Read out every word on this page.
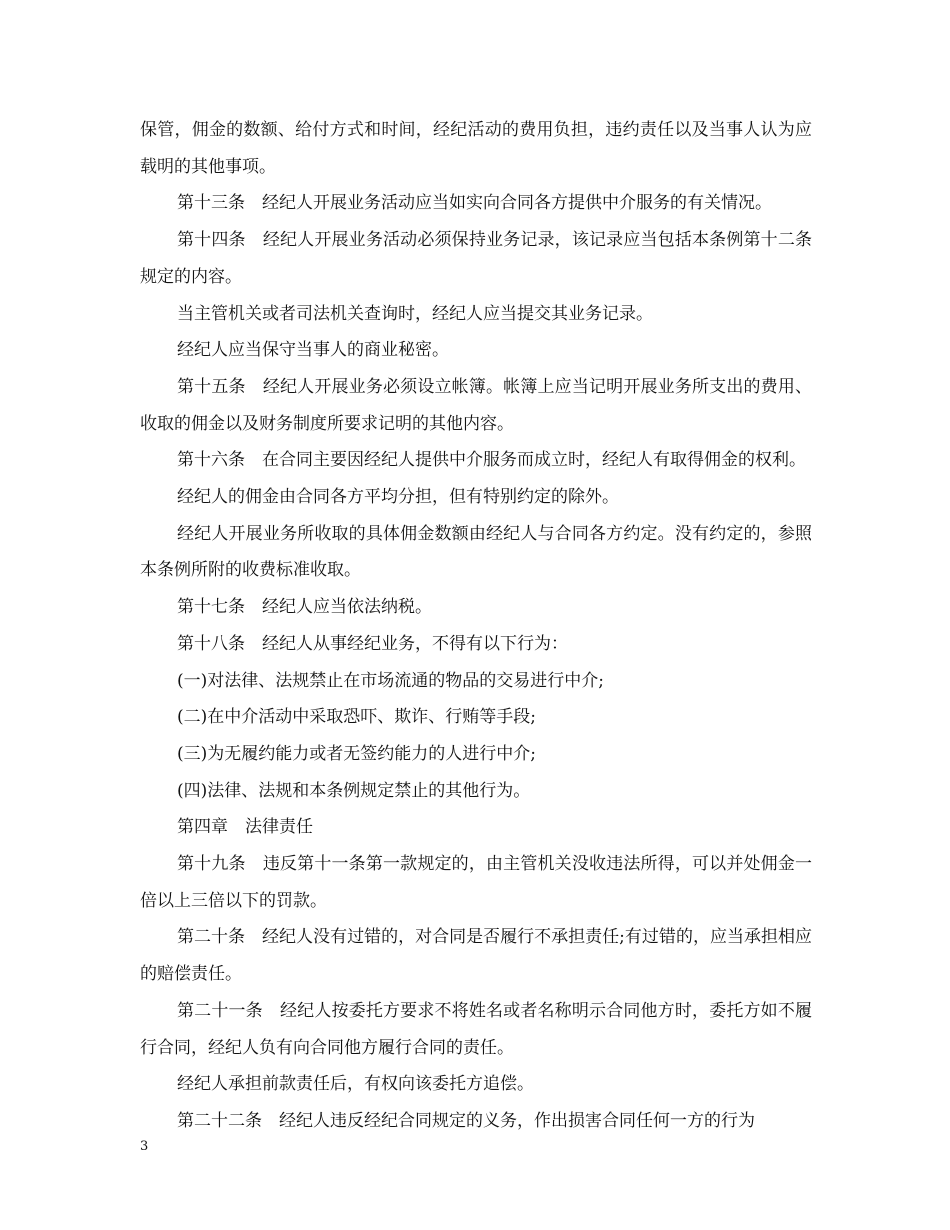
保管，佣金的数额、给付方式和时间，经纪活动的费用负担，违约责任以及当事人认为应载明的其他事项。

第十三条　经纪人开展业务活动应当如实向合同各方提供中介服务的有关情况。

第十四条　经纪人开展业务活动必须保持业务记录，该记录应当包括本条例第十二条规定的内容。

当主管机关或者司法机关查询时，经纪人应当提交其业务记录。

经纪人应当保守当事人的商业秘密。

第十五条　经纪人开展业务必须设立帐簿。帐簿上应当记明开展业务所支出的费用、收取的佣金以及财务制度所要求记明的其他内容。

第十六条　在合同主要因经纪人提供中介服务而成立时，经纪人有取得佣金的权利。

经纪人的佣金由合同各方平均分担，但有特别约定的除外。

经纪人开展业务所收取的具体佣金数额由经纪人与合同各方约定。没有约定的，参照本条例所附的收费标准收取。

第十七条　经纪人应当依法纳税。

第十八条　经纪人从事经纪业务，不得有以下行为：

(一)对法律、法规禁止在市场流通的物品的交易进行中介;

(二)在中介活动中采取恐吓、欺诈、行贿等手段;

(三)为无履约能力或者无签约能力的人进行中介;

(四)法律、法规和本条例规定禁止的其他行为。

第四章　法律责任

第十九条　违反第十一条第一款规定的，由主管机关没收违法所得，可以并处佣金一倍以上三倍以下的罚款。

第二十条　经纪人没有过错的，对合同是否履行不承担责任;有过错的，应当承担相应的赔偿责任。

第二十一条　经纪人按委托方要求不将姓名或者名称明示合同他方时，委托方如不履行合同，经纪人负有向合同他方履行合同的责任。

经纪人承担前款责任后，有权向该委托方追偿。

第二十二条　经纪人违反经纪合同规定的义务，作出损害合同任何一方的行为

3
